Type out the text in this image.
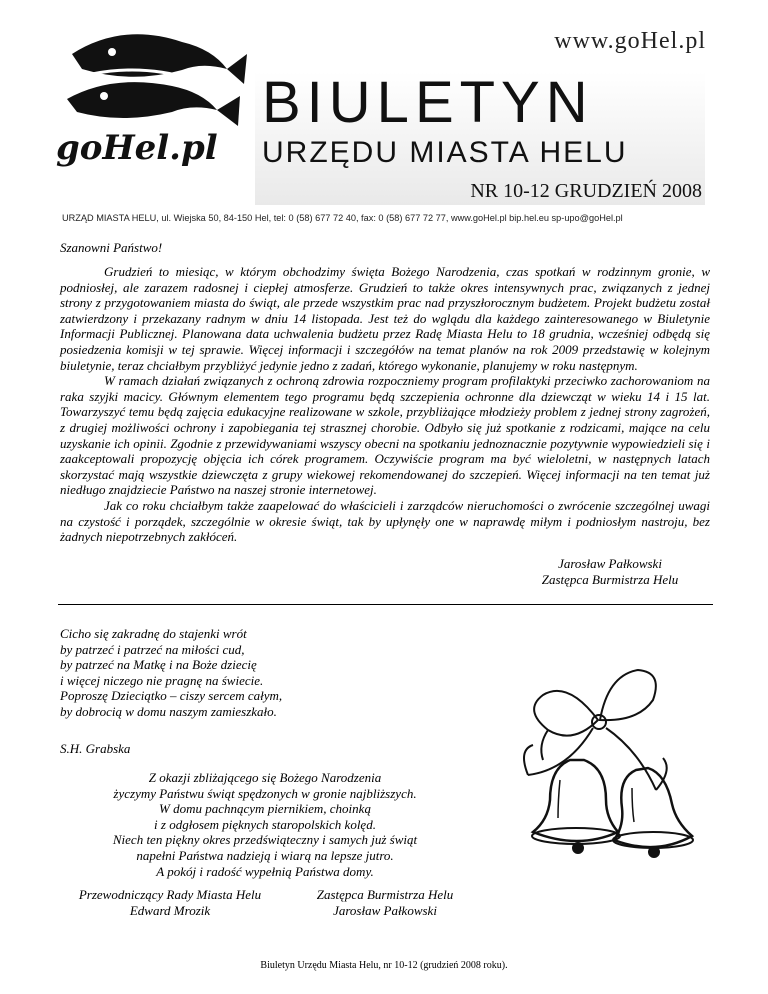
goHel.pl
www.goHel.pl
BIULETYN
URZĘDU MIASTA HELU
NR 10-12 GRUDZIEŃ 2008
URZĄD MIASTA HELU, ul. Wiejska 50, 84-150 Hel, tel: 0 (58) 677 72 40, fax: 0 (58) 677 72 77, www.goHel.pl bip.hel.eu sp-upo@goHel.pl
Szanowni Państwo!

Grudzień to miesiąc, w którym obchodzimy święta Bożego Narodzenia, czas spotkań w rodzinnym gronie, w podniosłej, ale zarazem radosnej i ciepłej atmosferze. Grudzień to także okres intensywnych prac, związanych z jednej strony z przygotowaniem miasta do świąt, ale przede wszystkim prac nad przyszłorocznym budżetem. Projekt budżetu został zatwierdzony i przekazany radnym w dniu 14 listopada. Jest też do wglądu dla każdego zainteresowanego w Biuletynie Informacji Publicznej. Planowana data uchwalenia budżetu przez Radę Miasta Helu to 18 grudnia, wcześniej odbędą się posiedzenia komisji w tej sprawie. Więcej informacji i szczegółów na temat planów na rok 2009 przedstawię w kolejnym biuletynie, teraz chciałbym przybliżyć jedynie jedno z zadań, którego wykonanie, planujemy w roku następnym.

W ramach działań związanych z ochroną zdrowia rozpoczniemy program profilaktyki przeciwko zachorowaniom na raka szyjki macicy. Głównym elementem tego programu będą szczepienia ochronne dla dziewcząt w wieku 14 i 15 lat. Towarzyszyć temu będą zajęcia edukacyjne realizowane w szkole, przybliżające młodzieży problem z jednej strony zagrożeń, z drugiej możliwości ochrony i zapobiegania tej strasznej chorobie. Odbyło się już spotkanie z rodzicami, mające na celu uzyskanie ich opinii. Zgodnie z przewidywaniami wszyscy obecni na spotkaniu jednoznacznie pozytywnie wypowiedzieli się i zaakceptowali propozycję objęcia ich córek programem. Oczywiście program ma być wieloletni, w następnych latach skorzystać mają wszystkie dziewczęta z grupy wiekowej rekomendowanej do szczepień. Więcej informacji na ten temat już niedługo znajdziecie Państwo na naszej stronie internetowej.

Jak co roku chciałbym także zaapelować do właścicieli i zarządców nieruchomości o zwrócenie szczególnej uwagi na czystość i porządek, szczególnie w okresie świąt, tak by upłynęły one w naprawdę miłym i podniosłym nastroju, bez żadnych niepotrzebnych zakłóceń.

Jarosław Pałkowski
Zastępca Burmistrza Helu
Cicho się zakradnę do stajenki wrót
by patrzeć i patrzeć na miłości cud,
by patrzeć na Matkę i na Boże dziecię
i więcej niczego nie pragnę na świecie.
Poproszę Dzieciątko – ciszy sercem całym,
by dobrocią w domu naszym zamieszkało.
S.H. Grabska
Z okazji zbliżającego się Bożego Narodzenia
życzymy Państwu świąt spędzonych w gronie najbliższych.
W domu pachnącym piernikiem, choinką
i z odgłosem pięknych staropolskich kolęd.
Niech ten piękny okres przedświąteczny i samych już świąt
napełni Państwa nadzieją i wiarą na lepsze jutro.
A pokój i radość wypełnią Państwa domy.
Przewodniczący Rady Miasta Helu
Edward Mrozik
Zastępca Burmistrza Helu
Jarosław Pałkowski
Biuletyn Urzędu Miasta Helu, nr 10-12 (grudzień 2008 roku).
